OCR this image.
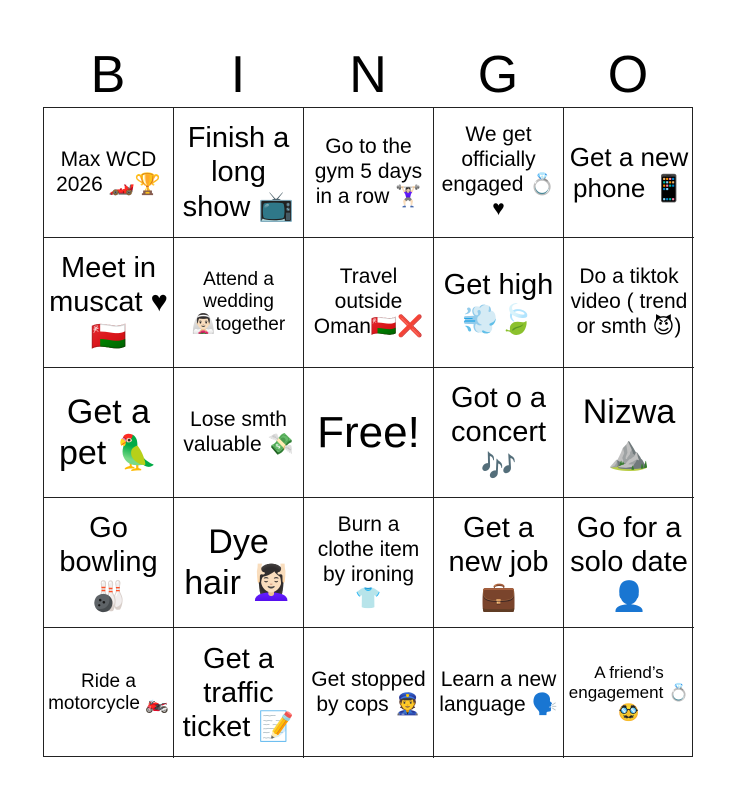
B	I	N	G	O
Max WCD 2026 🏎️🏆
Finish a long show 📺
Go to the gym 5 days in a row 🏋🏻‍♀️
We get officially engaged 💍♥
Get a new phone 📱
Meet in muscat ♥🇴🇲
Attend a wedding 👰🏻‍♂️together
Travel outside Oman🇴🇲❌
Get high 💨🍃
Do a tiktok video ( trend or smth 😈)
Get a pet 🦜
Lose smth valuable 💸 Free!
Got o a concert 🎶
Nizwa ⛰️
Go bowling 🎳
Dye hair 💆🏻‍♀️
Burn a clothe item by ironing 👕
Get a new job 💼
Go for a solo date 👤
Ride a motorcycle 🏍️
Get a traffic ticket 📝
Get stopped by cops 👮
Learn a new language 🗣️
A friend’s engagement 💍 🥸
